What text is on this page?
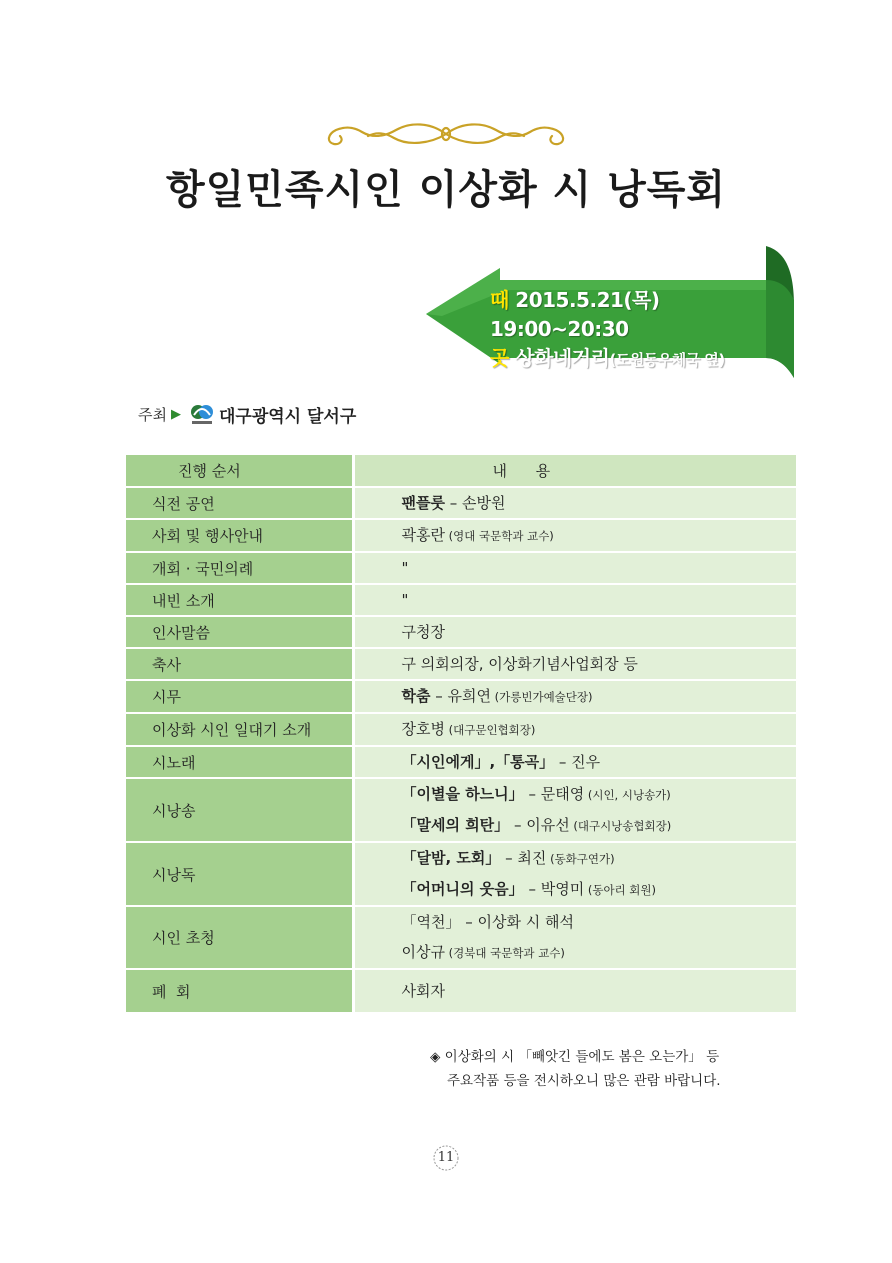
항일민족시인 이상화 시 낭독회
때 2015.5.21(목) 19:00~20:30
곳 상화네거리(도원동우체국 옆)
주최 ▶ 대구광역시 달서구
진행 순서	내      용
식전 공연	팬플룻 – 손방원

사회 및 행사안내	곽홍란 (영대 국문학과 교수)

개회 · 국민의례	"

내빈 소개	"

인사말씀	구청장

축사	구 의회의장, 이상화기념사업회장 등

시무	학춤 – 유희연 (가릉빈가예술단장)

이상화 시인 일대기 소개	장호병 (대구문인협회장)

시노래	「시인에게」,「통곡」 – 진우

시낭송	「이별을 하느니」 – 문태영 (시인, 시낭송가)
「말세의 희탄」 – 이유선 (대구시낭송협회장)

시낭독	「달밤, 도회」 – 최진 (동화구연가)
「어머니의 웃음」 – 박영미 (동아리 회원)

시인 초청	「역천」 – 이상화 시 해석
이상규 (경북대 국문학과 교수)

폐  회	사회자
◈ 이상화의 시 「빼앗긴 들에도 봄은 오는가」 등
주요작품 등을 전시하오니 많은 관람 바랍니다.
11
